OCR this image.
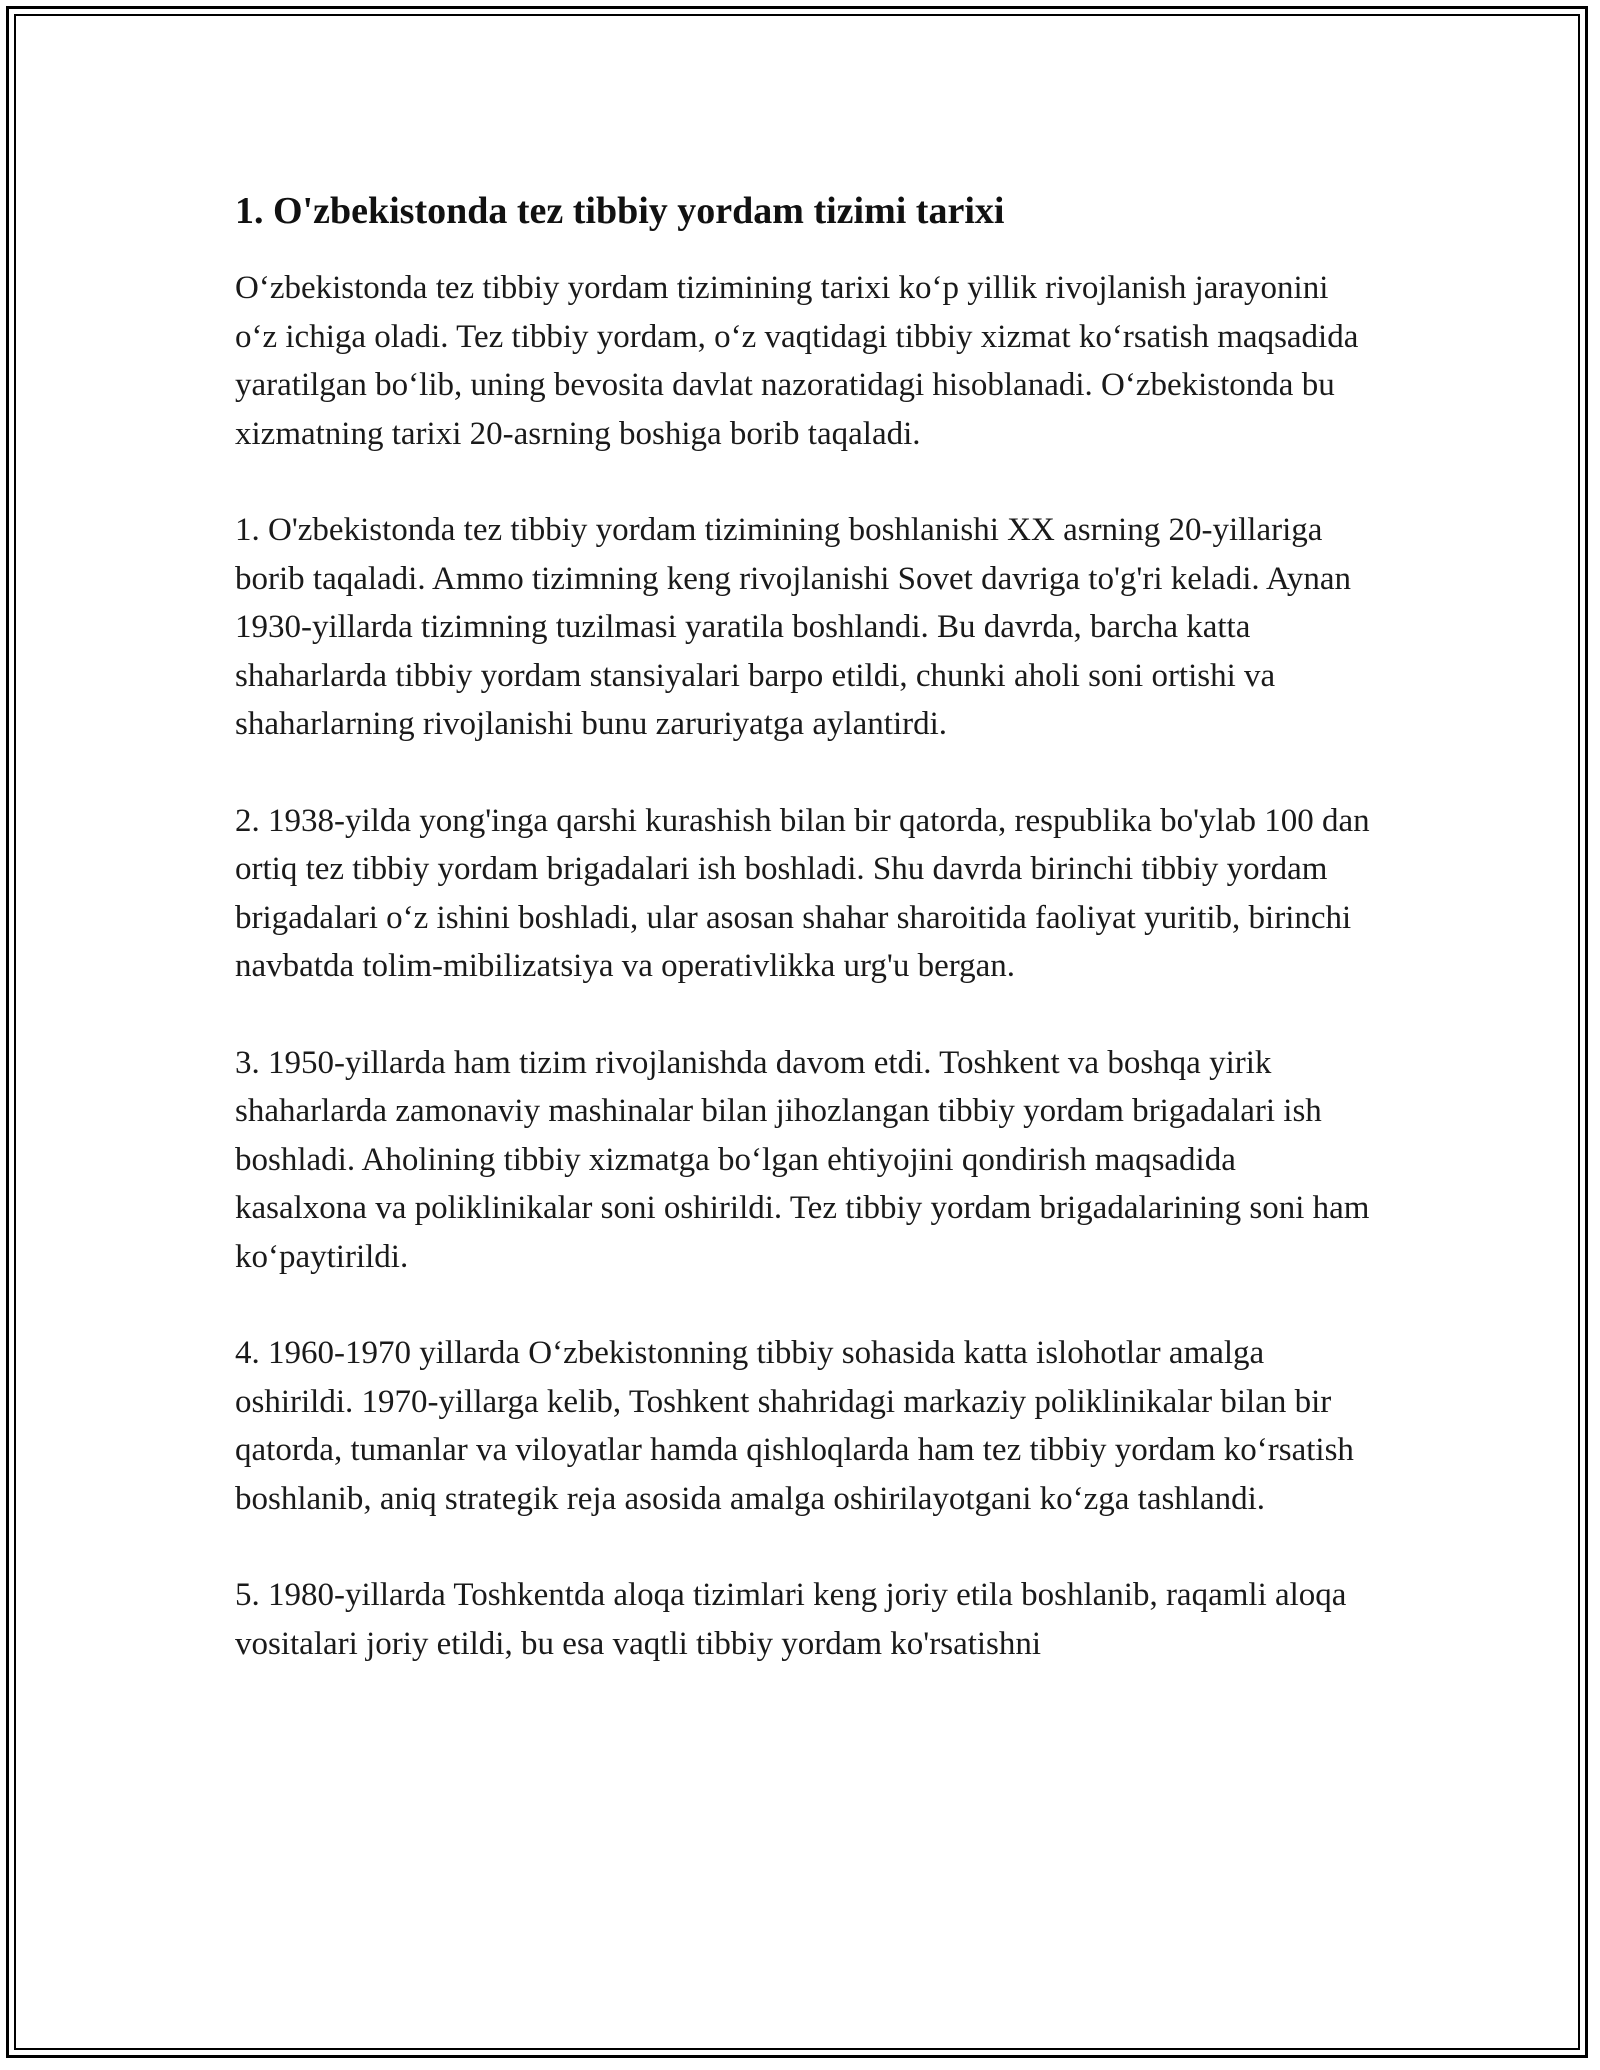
1. O'zbekistonda tez tibbiy yordam tizimi tarixi

O‘zbekistonda tez tibbiy yordam tizimining tarixi ko‘p yillik rivojlanish jarayonini o‘z ichiga oladi. Tez tibbiy yordam, o‘z vaqtidagi tibbiy xizmat ko‘rsatish maqsadida yaratilgan bo‘lib, uning bevosita davlat nazoratidagi hisoblanadi. O‘zbekistonda bu xizmatning tarixi 20-asrning boshiga borib taqaladi.

1. O'zbekistonda tez tibbiy yordam tizimining boshlanishi XX asrning 20-yillariga borib taqaladi. Ammo tizimning keng rivojlanishi Sovet davriga to'g'ri keladi. Aynan 1930-yillarda tizimning tuzilmasi yaratila boshlandi. Bu davrda, barcha katta shaharlarda tibbiy yordam stansiyalari barpo etildi, chunki aholi soni ortishi va shaharlarning rivojlanishi bunu zaruriyatga aylantirdi.

2. 1938-yilda yong'inga qarshi kurashish bilan bir qatorda, respublika bo'ylab 100 dan ortiq tez tibbiy yordam brigadalari ish boshladi. Shu davrda birinchi tibbiy yordam brigadalari o‘z ishini boshladi, ular asosan shahar sharoitida faoliyat yuritib, birinchi navbatda tolim-mibilizatsiya va operativlikka urg'u bergan.

3. 1950-yillarda ham tizim rivojlanishda davom etdi. Toshkent va boshqa yirik shaharlarda zamonaviy mashinalar bilan jihozlangan tibbiy yordam brigadalari ish boshladi. Aholining tibbiy xizmatga bo‘lgan ehtiyojini qondirish maqsadida kasalxona va poliklinikalar soni oshirildi. Tez tibbiy yordam brigadalarining soni ham ko‘paytirildi.

4. 1960-1970 yillarda O‘zbekistonning tibbiy sohasida katta islohotlar amalga oshirildi. 1970-yillarga kelib, Toshkent shahridagi markaziy poliklinikalar bilan bir qatorda, tumanlar va viloyatlar hamda qishloqlarda ham tez tibbiy yordam ko‘rsatish boshlanib, aniq strategik reja asosida amalga oshirilayotgani ko‘zga tashlandi.

5. 1980-yillarda Toshkentda aloqa tizimlari keng joriy etila boshlanib, raqamli aloqa vositalari joriy etildi, bu esa vaqtli tibbiy yordam ko'rsatishni
